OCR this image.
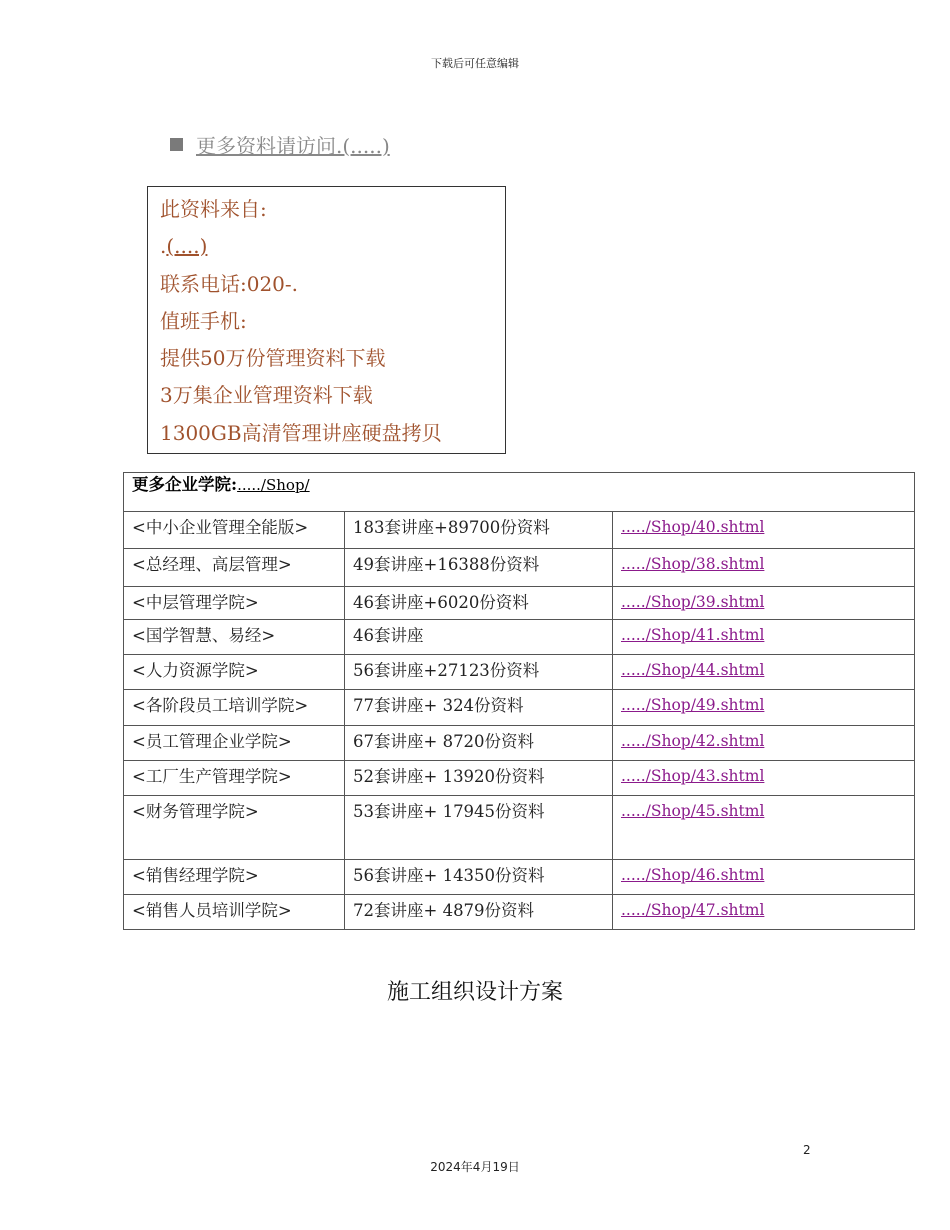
下载后可任意编辑
更多资料请访问.(.....)
此资料来自:
.(....)
联系电话:020-.
值班手机:
提供50万份管理资料下载
3万集企业管理资料下载
1300GB高清管理讲座硬盘拷贝
更多企业学院:...../Shop/		
<中小企业管理全能版>	183套讲座+89700份资料	...../Shop/40.shtml
<总经理、高层管理>	49套讲座+16388份资料	...../Shop/38.shtml
<中层管理学院>	46套讲座+6020份资料	...../Shop/39.shtml
<国学智慧、易经>	46套讲座	...../Shop/41.shtml
<人力资源学院>	56套讲座+27123份资料	...../Shop/44.shtml
<各阶段员工培训学院>	77套讲座+ 324份资料	...../Shop/49.shtml
<员工管理企业学院>	67套讲座+ 8720份资料	...../Shop/42.shtml
<工厂生产管理学院>	52套讲座+ 13920份资料	...../Shop/43.shtml
<财务管理学院>	53套讲座+ 17945份资料	...../Shop/45.shtml
<销售经理学院>	56套讲座+ 14350份资料	...../Shop/46.shtml
<销售人员培训学院>	72套讲座+ 4879份资料	...../Shop/47.shtml
施工组织设计方案
2
2024年4月19日
